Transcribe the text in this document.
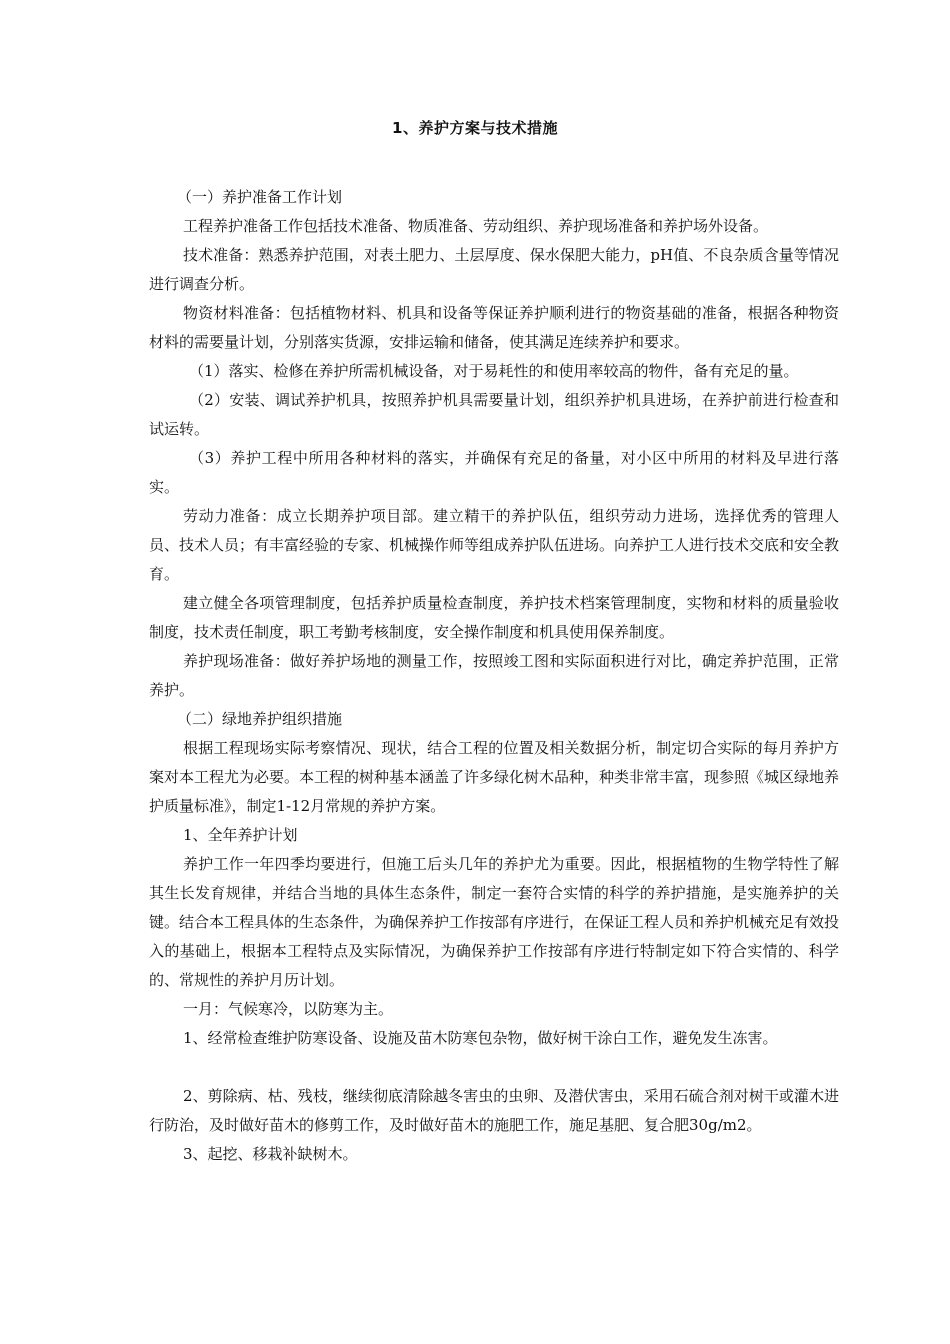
1、养护方案与技术措施

（一）养护准备工作计划

工程养护准备工作包括技术准备、物质准备、劳动组织、养护现场准备和养护场外设备。

技术准备：熟悉养护范围，对表土肥力、土层厚度、保水保肥大能力，pH值、不良杂质含量等情况进行调查分析。

物资材料准备：包括植物材料、机具和设备等保证养护顺利进行的物资基础的准备，根据各种物资材料的需要量计划，分别落实货源，安排运输和储备，使其满足连续养护和要求。

（1）落实、检修在养护所需机械设备，对于易耗性的和使用率较高的物件，备有充足的量。

（2）安装、调试养护机具，按照养护机具需要量计划，组织养护机具进场，在养护前进行检查和试运转。

（3）养护工程中所用各种材料的落实，并确保有充足的备量，对小区中所用的材料及早进行落实。

劳动力准备：成立长期养护项目部。建立精干的养护队伍，组织劳动力进场，选择优秀的管理人员、技术人员；有丰富经验的专家、机械操作师等组成养护队伍进场。向养护工人进行技术交底和安全教育。

建立健全各项管理制度，包括养护质量检查制度，养护技术档案管理制度，实物和材料的质量验收制度，技术责任制度，职工考勤考核制度，安全操作制度和机具使用保养制度。

养护现场准备：做好养护场地的测量工作，按照竣工图和实际面积进行对比，确定养护范围，正常养护。

（二）绿地养护组织措施

根据工程现场实际考察情况、现状，结合工程的位置及相关数据分析，制定切合实际的每月养护方案对本工程尤为必要。本工程的树种基本涵盖了许多绿化树木品种，种类非常丰富，现参照《城区绿地养护质量标准》，制定1-12月常规的养护方案。

1、全年养护计划

养护工作一年四季均要进行，但施工后头几年的养护尤为重要。因此，根据植物的生物学特性了解其生长发育规律，并结合当地的具体生态条件，制定一套符合实情的科学的养护措施，是实施养护的关键。结合本工程具体的生态条件，为确保养护工作按部有序进行，在保证工程人员和养护机械充足有效投入的基础上，根据本工程特点及实际情况，为确保养护工作按部有序进行特制定如下符合实情的、科学的、常规性的养护月历计划。

一月：气候寒冷，以防寒为主。

1、经常检查维护防寒设备、设施及苗木防寒包杂物，做好树干涂白工作，避免发生冻害。

2、剪除病、枯、残枝，继续彻底清除越冬害虫的虫卵、及潜伏害虫，采用石硫合剂对树干或灌木进行防治，及时做好苗木的修剪工作，及时做好苗木的施肥工作，施足基肥、复合肥30g/m2。

3、起挖、移栽补缺树木。
